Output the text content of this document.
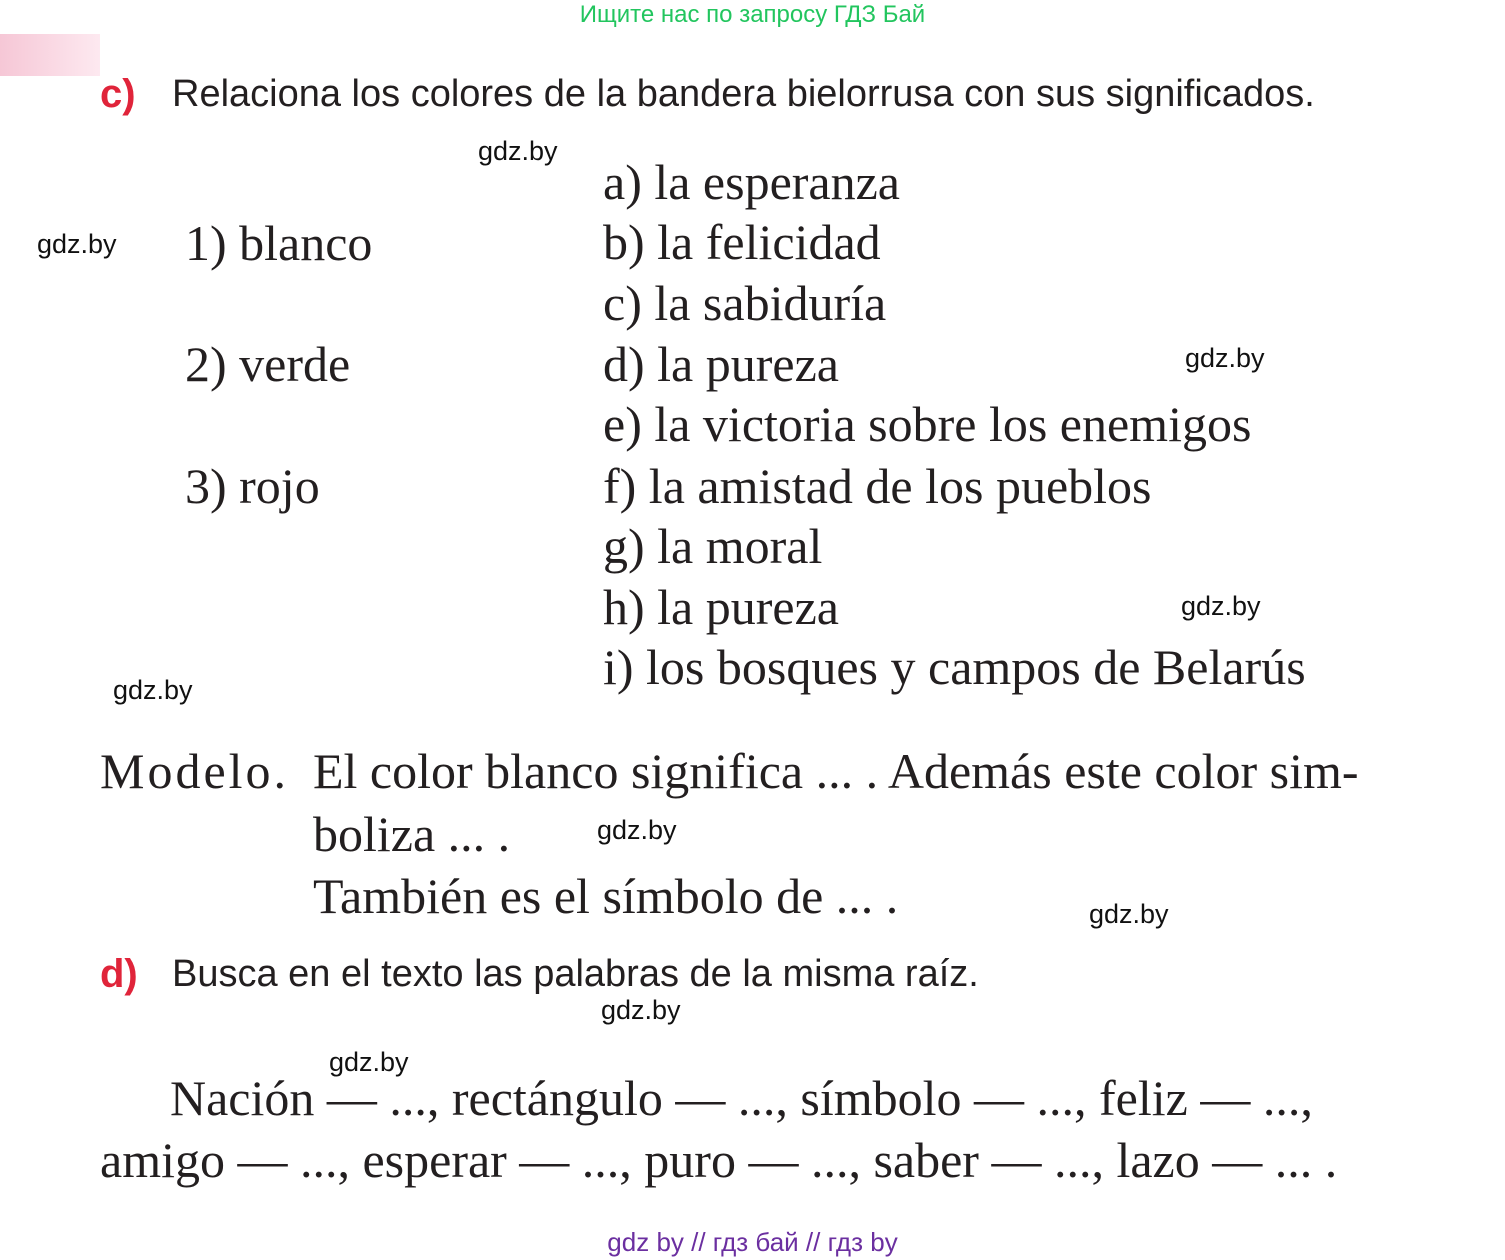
Ищите нас по запросу ГДЗ Бай
c) Relaciona los colores de la bandera bielorrusa con sus significados.
1) blanco
2) verde
3) rojo
a) la esperanza
b) la felicidad
c) la sabiduría
d) la pureza
e) la victoria sobre los enemigos
f) la amistad de los pueblos
g) la moral
h) la pureza
i) los bosques y campos de Belarús
Modelo. El color blanco significa ... . Además este color sim-
boliza ... .
También es el símbolo de ... .
d) Busca en el texto las palabras de la misma raíz.
Nación — ..., rectángulo — ..., símbolo — ..., feliz — ...,
amigo — ..., esperar — ..., puro — ..., saber — ..., lazo — ... .
gdz.by
gdz.by
gdz.by
gdz.by
gdz.by
gdz.by
gdz.by
gdz.by
gdz.by
gdz by // гдз бай // гдз by
